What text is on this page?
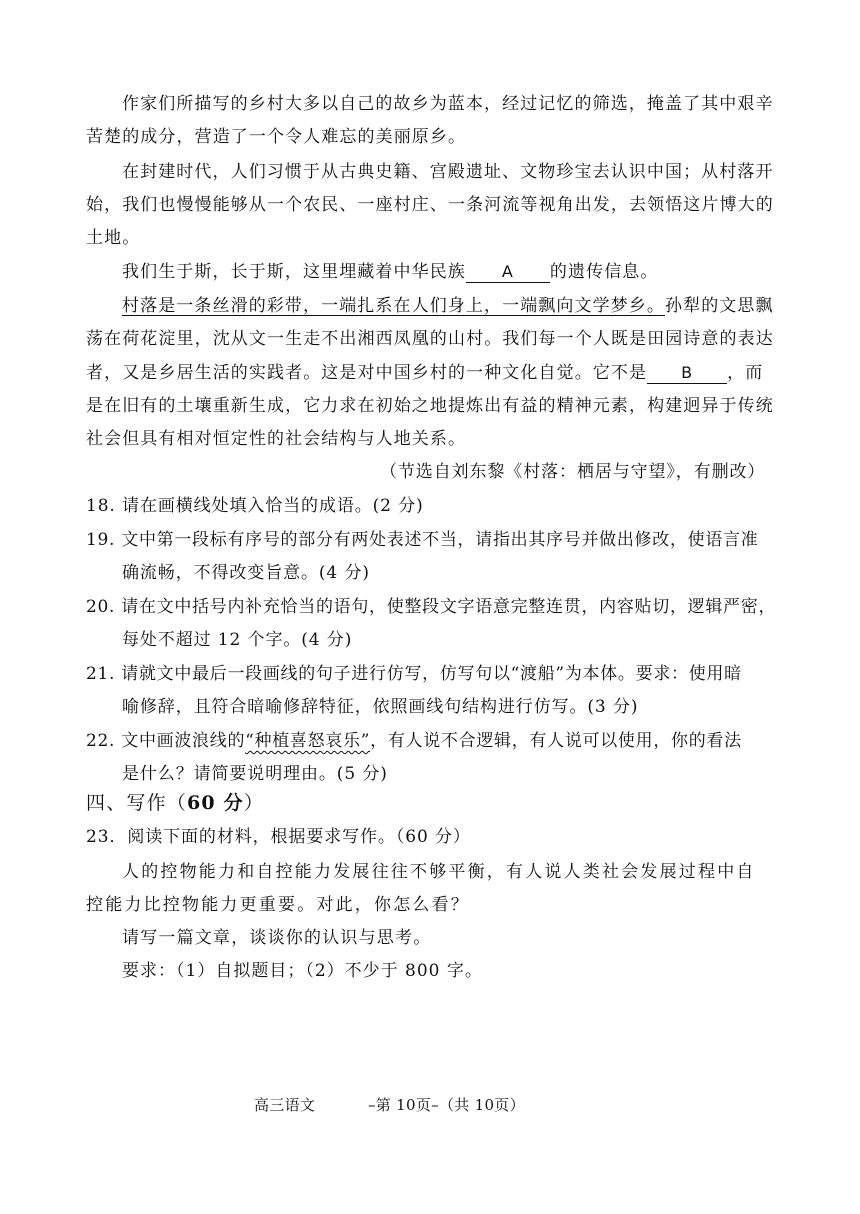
作家们所描写的乡村大多以自己的故乡为蓝本，经过记忆的筛选，掩盖了其中艰辛
苦楚的成分，营造了一个令人难忘的美丽原乡。
在封建时代，人们习惯于从古典史籍、宫殿遗址、文物珍宝去认识中国；从村落开
始，我们也慢慢能够从一个农民、一座村庄、一条河流等视角出发，去领悟这片博大的
土地。
我们生于斯，长于斯，这里埋藏着中华民族 A 的遗传信息。
村落是一条丝滑的彩带，一端扎系在人们身上，一端飘向文学梦乡。孙犁的文思飘
荡在荷花淀里，沈从文一生走不出湘西凤凰的山村。我们每一个人既是田园诗意的表达
者，又是乡居生活的实践者。这是对中国乡村的一种文化自觉。它不是 B ，而
是在旧有的土壤重新生成，它力求在初始之地提炼出有益的精神元素，构建迥异于传统
社会但具有相对恒定性的社会结构与人地关系。
（节选自刘东黎《村落：栖居与守望》，有删改）
18. 请在画横线处填入恰当的成语。(2 分)
19. 文中第一段标有序号的部分有两处表述不当，请指出其序号并做出修改，使语言准
确流畅，不得改变旨意。(4 分)
20. 请在文中括号内补充恰当的语句，使整段文字语意完整连贯，内容贴切，逻辑严密，
每处不超过 12 个字。(4 分)
21. 请就文中最后一段画线的句子进行仿写，仿写句以“渡船”为本体。要求：使用暗
喻修辞，且符合暗喻修辞特征，依照画线句结构进行仿写。(3 分)
22. 文中画波浪线的“种植喜怒哀乐”，有人说不合逻辑，有人说可以使用，你的看法
是什么？请简要说明理由。(5 分)
四、写作（60 分）
23．阅读下面的材料，根据要求写作。（60 分）
人的控物能力和自控能力发展往往不够平衡，有人说人类社会发展过程中自
控能力比控物能力更重要。对此，你怎么看？
请写一篇文章，谈谈你的认识与思考。
要求：（1）自拟题目；（2）不少于 800 字。
高三语文	–第 10页–（共 10页）
